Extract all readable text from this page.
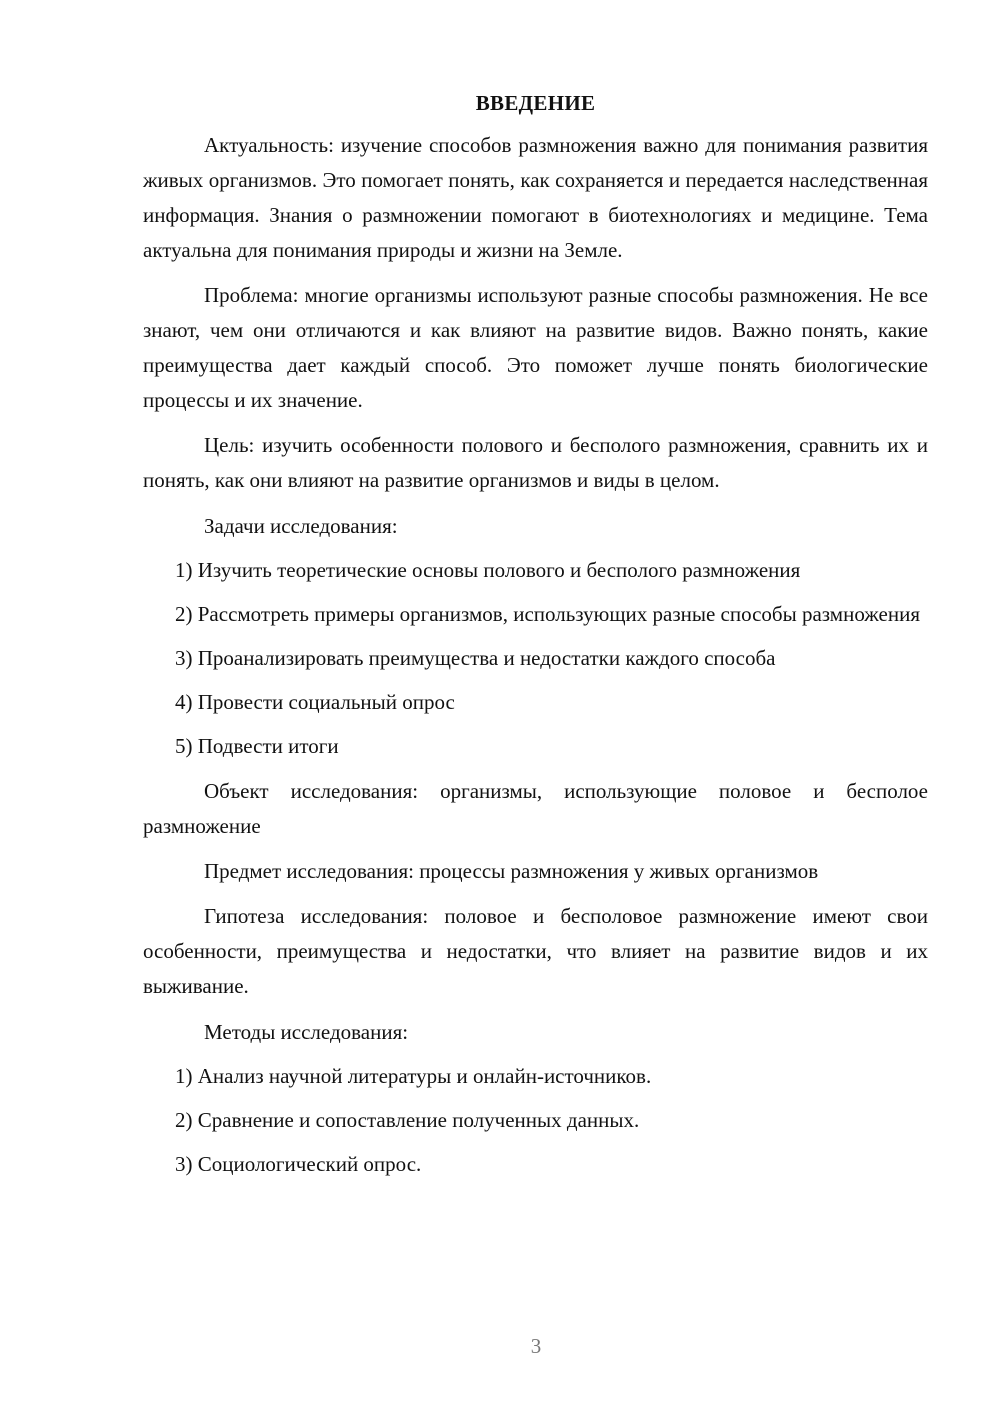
ВВЕДЕНИЕ

Актуальность: изучение способов размножения важно для понимания развития живых организмов. Это помогает понять, как сохраняется и передается наследственная информация. Знания о размножении помогают в биотехнологиях и медицине. Тема актуальна для понимания природы и жизни на Земле.

Проблема: многие организмы используют разные способы размножения. Не все знают, чем они отличаются и как влияют на развитие видов. Важно понять, какие преимущества дает каждый способ. Это поможет лучше понять биологические процессы и их значение.

Цель: изучить особенности полового и бесполого размножения, сравнить их и понять, как они влияют на развитие организмов и виды в целом.

Задачи исследования:

1) Изучить теоретические основы полового и бесполого размножения

2) Рассмотреть примеры организмов, использующих разные способы размножения

3) Проанализировать преимущества и недостатки каждого способа

4) Провести социальный опрос

5) Подвести итоги

Объект исследования: организмы, использующие половое и бесполое размножение

Предмет исследования: процессы размножения у живых организмов

Гипотеза исследования: половое и бесполовое размножение имеют свои особенности, преимущества и недостатки, что влияет на развитие видов и их выживание.

Методы исследования:

1) Анализ научной литературы и онлайн-источников.

2) Сравнение и сопоставление полученных данных.

3) Социологический опрос.

3
